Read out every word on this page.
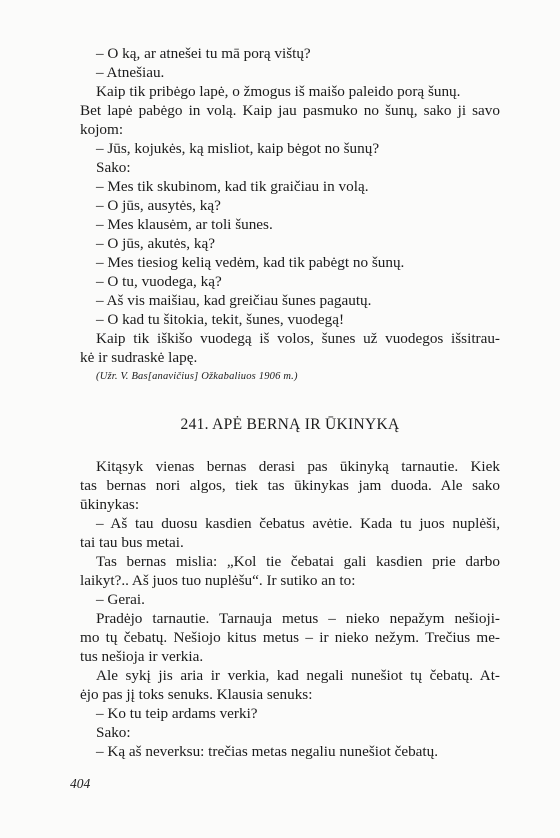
– O ką, ar atnešei tu mā porą vištų?
– Atnešiau.
Kaip tik pribėgo lapė, o žmogus iš maišo paleido porą šunų.
Bet lapė pabėgo in volą. Kaip jau pasmuko no šunų, sako ji savo
kojom:
– Jūs, kojukės, ką misliot, kaip bėgot no šunų?
Sako:
– Mes tik skubinom, kad tik graičiau in volą.
– O jūs, ausytės, ką?
– Mes klausėm, ar toli šunes.
– O jūs, akutės, ką?
– Mes tiesiog kelią vedėm, kad tik pabėgt no šunų.
– O tu, vuodega, ką?
– Aš vis maišiau, kad greičiau šunes pagautų.
– O kad tu šitokia, tekit, šunes, vuodegą!
Kaip tik iškišo vuodegą iš volos, šunes už vuodegos išsitrau-
kė ir sudraskė lapę.
(Užr. V. Bas[anavičius] Ožkabaliuos 1906 m.)
241. APĖ BERNĄ IR ŪKINYKĄ
Kitąsyk vienas bernas derasi pas ūkinyką tarnautie. Kiek
tas bernas nori algos, tiek tas ūkinykas jam duoda. Ale sako
ūkinykas:
– Aš tau duosu kasdien čebatus avėtie. Kada tu juos nuplėši,
tai tau bus metai.
Tas bernas mislia: „Kol tie čebatai gali kasdien prie darbo
laikyt?.. Aš juos tuo nuplėšu“. Ir sutiko an to:
– Gerai.
Pradėjo tarnautie. Tarnauja metus – nieko nepažym nešioji-
mo tų čebatų. Nešiojo kitus metus – ir nieko nežym. Trečius me-
tus nešioja ir verkia.
Ale sykį jis aria ir verkia, kad negali nunešiot tų čebatų. At-
ėjo pas jį toks senuks. Klausia senuks:
– Ko tu teip ardams verki?
Sako:
– Ką aš neverksu: trečias metas negaliu nunešiot čebatų.
404
